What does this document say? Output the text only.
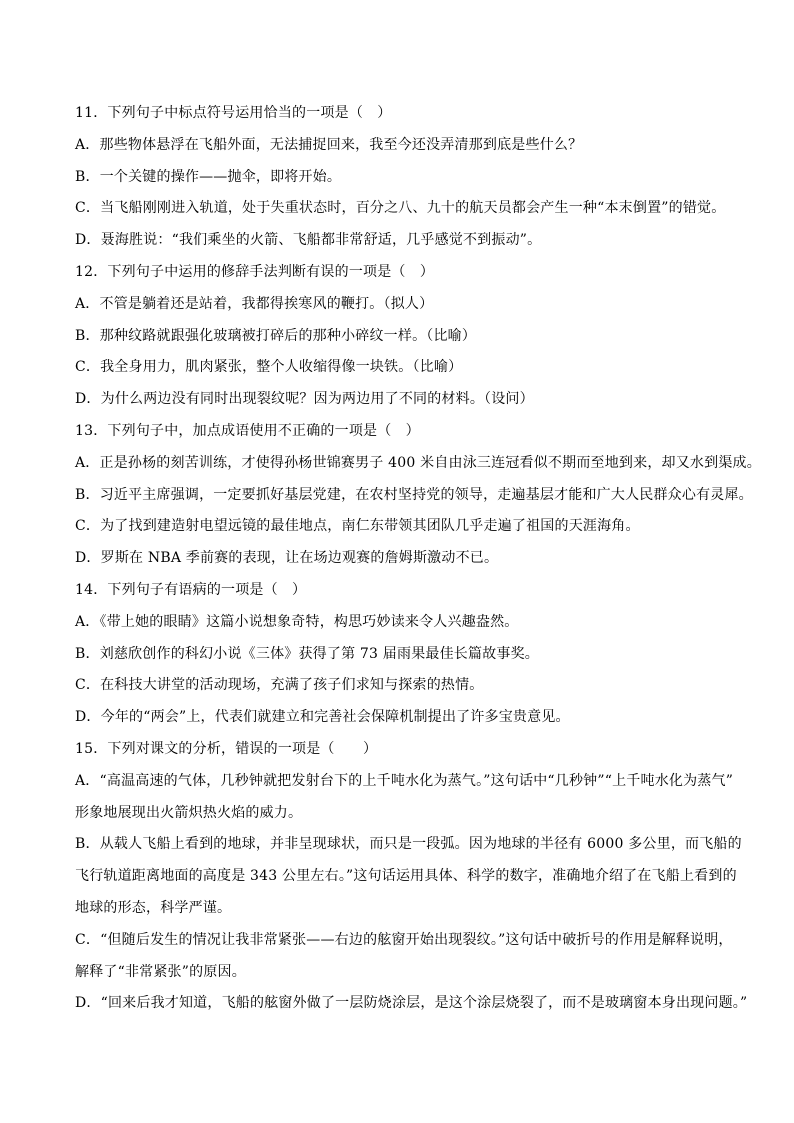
11．下列句子中标点符号运用恰当的一项是（　）
A．那些物体悬浮在飞船外面，无法捕捉回来，我至今还没弄清那到底是些什么？
B．一个关键的操作——抛伞，即将开始。
C．当飞船刚刚进入轨道，处于失重状态时，百分之八、九十的航天员都会产生一种“本末倒置”的错觉。
D．聂海胜说：“我们乘坐的火箭、飞船都非常舒适，几乎感觉不到振动”。
12．下列句子中运用的修辞手法判断有误的一项是（　）
A．不管是躺着还是站着，我都得挨寒风的鞭打。（拟人）
B．那种纹路就跟强化玻璃被打碎后的那种小碎纹一样。（比喻）
C．我全身用力，肌肉紧张，整个人收缩得像一块铁。（比喻）
D．为什么两边没有同时出现裂纹呢？因为两边用了不同的材料。（设问）
13．下列句子中，加点成语使用不正确的一项是（　）
A．正是孙杨的刻苦训练，才使得孙杨世锦赛男子 400 米自由泳三连冠看似不期而至地到来，却又水到渠成。
B．习近平主席强调，一定要抓好基层党建，在农村坚持党的领导，走遍基层才能和广大人民群众心有灵犀。
C．为了找到建造射电望远镜的最佳地点，南仁东带领其团队几乎走遍了祖国的天涯海角。
D．罗斯在 NBA 季前赛的表现，让在场边观赛的詹姆斯激动不已。
14．下列句子有语病的一项是（　）
A．《带上她的眼睛》这篇小说想象奇特，构思巧妙读来令人兴趣盎然。
B．刘慈欣创作的科幻小说《三体》获得了第 73 届雨果最佳长篇故事奖。
C．在科技大讲堂的活动现场，充满了孩子们求知与探索的热情。
D．今年的“两会”上，代表们就建立和完善社会保障机制提出了许多宝贵意见。
15．下列对课文的分析，错误的一项是（　　）
A．“高温高速的气体，几秒钟就把发射台下的上千吨水化为蒸气。”这句话中“几秒钟”“上千吨水化为蒸气”
形象地展现出火箭炽热火焰的威力。
B．从载人飞船上看到的地球，并非呈现球状，而只是一段弧。因为地球的半径有 6000 多公里，而飞船的
飞行轨道距离地面的高度是 343 公里左右。”这句话运用具体、科学的数字，准确地介绍了在飞船上看到的
地球的形态，科学严谨。
C．“但随后发生的情况让我非常紧张——右边的舷窗开始出现裂纹。”这句话中破折号的作用是解释说明，
解释了“非常紧张”的原因。
D．“回来后我才知道，飞船的舷窗外做了一层防烧涂层，是这个涂层烧裂了，而不是玻璃窗本身出现问题。”
